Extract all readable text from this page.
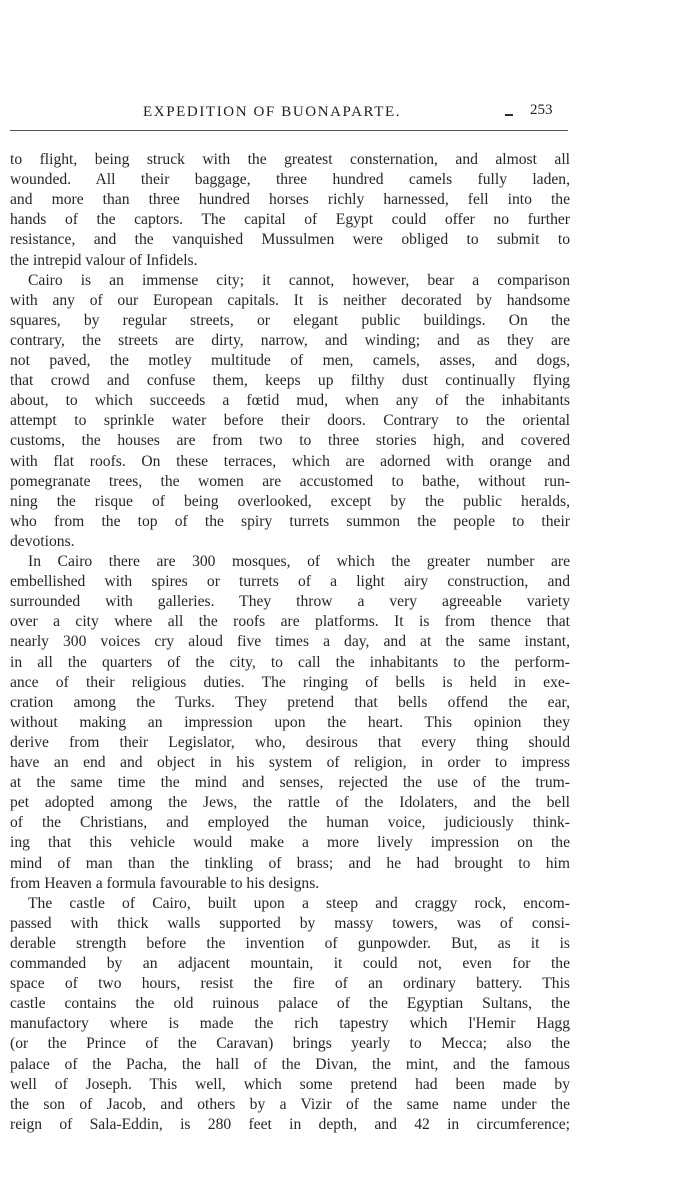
EXPEDITION OF BUONAPARTE.	253
to flight, being struck with the greatest consternation, and almost all
wounded. All their baggage, three hundred camels fully laden,
and more than three hundred horses richly harnessed, fell into the
hands of the captors. The capital of Egypt could offer no further
resistance, and the vanquished Mussulmen were obliged to submit to
the intrepid valour of Infidels.
Cairo is an immense city; it cannot, however, bear a comparison
with any of our European capitals. It is neither decorated by handsome
squares, by regular streets, or elegant public buildings. On the
contrary, the streets are dirty, narrow, and winding; and as they are
not paved, the motley multitude of men, camels, asses, and dogs,
that crowd and confuse them, keeps up filthy dust continually flying
about, to which succeeds a fœtid mud, when any of the inhabitants
attempt to sprinkle water before their doors. Contrary to the oriental
customs, the houses are from two to three stories high, and covered
with flat roofs. On these terraces, which are adorned with orange and
pomegranate trees, the women are accustomed to bathe, without run-
ning the risque of being overlooked, except by the public heralds,
who from the top of the spiry turrets summon the people to their
devotions.
In Cairo there are 300 mosques, of which the greater number are
embellished with spires or turrets of a light airy construction, and
surrounded with galleries. They throw a very agreeable variety
over a city where all the roofs are platforms. It is from thence that
nearly 300 voices cry aloud five times a day, and at the same instant,
in all the quarters of the city, to call the inhabitants to the perform-
ance of their religious duties. The ringing of bells is held in exe-
cration among the Turks. They pretend that bells offend the ear,
without making an impression upon the heart. This opinion they
derive from their Legislator, who, desirous that every thing should
have an end and object in his system of religion, in order to impress
at the same time the mind and senses, rejected the use of the trum-
pet adopted among the Jews, the rattle of the Idolaters, and the bell
of the Christians, and employed the human voice, judiciously think-
ing that this vehicle would make a more lively impression on the
mind of man than the tinkling of brass; and he had brought to him
from Heaven a formula favourable to his designs.
The castle of Cairo, built upon a steep and craggy rock, encom-
passed with thick walls supported by massy towers, was of consi-
derable strength before the invention of gunpowder. But, as it is
commanded by an adjacent mountain, it could not, even for the
space of two hours, resist the fire of an ordinary battery. This
castle contains the old ruinous palace of the Egyptian Sultans, the
manufactory where is made the rich tapestry which l'Hemir Hagg
(or the Prince of the Caravan) brings yearly to Mecca; also the
palace of the Pacha, the hall of the Divan, the mint, and the famous
well of Joseph. This well, which some pretend had been made by
the son of Jacob, and others by a Vizir of the same name under the
reign of Sala-Eddin, is 280 feet in depth, and 42 in circumference;
